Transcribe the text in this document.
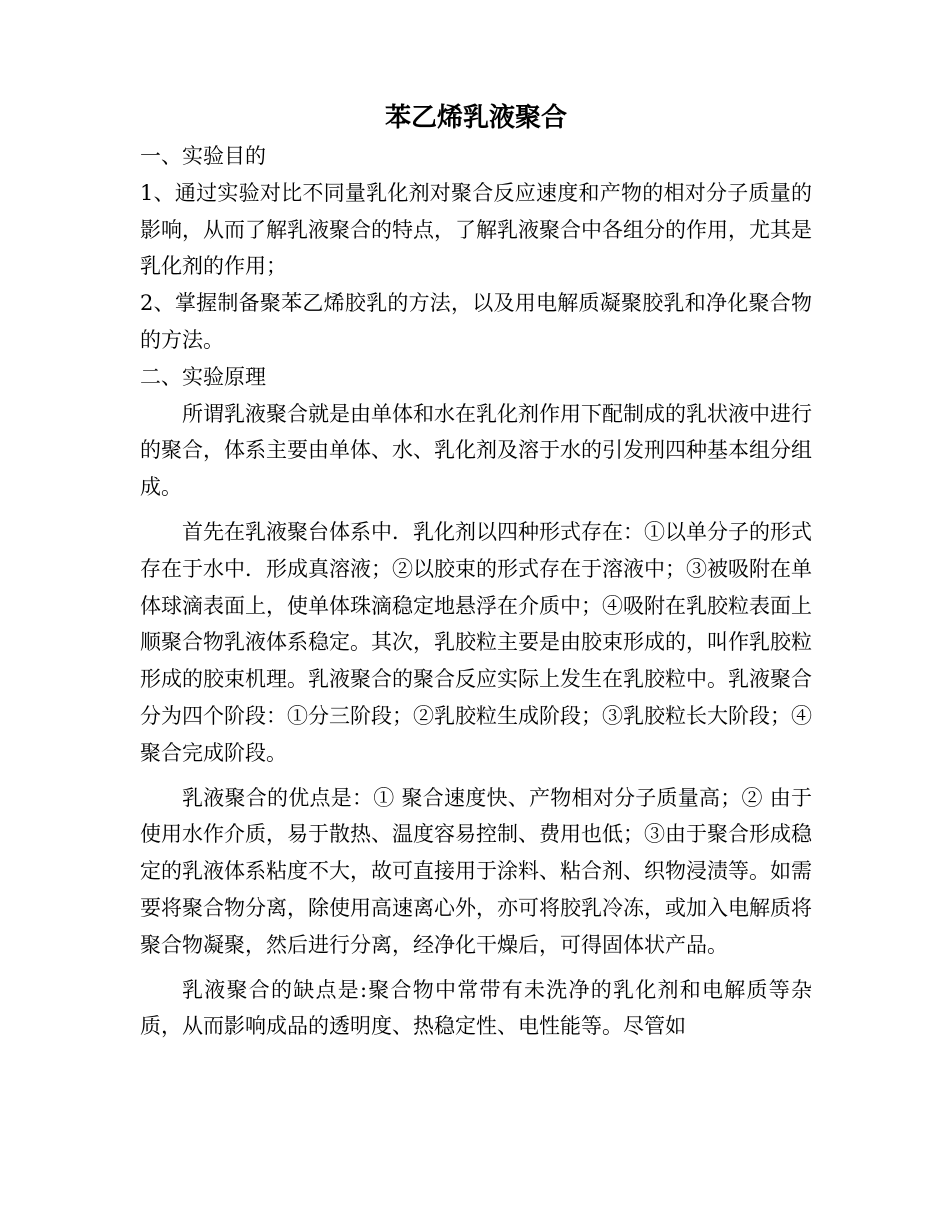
苯乙烯乳液聚合

一、实验目的

1、通过实验对比不同量乳化剂对聚合反应速度和产物的相对分子质量的影响，从而了解乳液聚合的特点，了解乳液聚合中各组分的作用，尤其是乳化剂的作用；

2、掌握制备聚苯乙烯胶乳的方法，以及用电解质凝聚胶乳和净化聚合物的方法。

二、实验原理

所谓乳液聚合就是由单体和水在乳化剂作用下配制成的乳状液中进行的聚合，体系主要由单体、水、乳化剂及溶于水的引发刑四种基本组分组成。

首先在乳液聚台体系中．乳化剂以四种形式存在：①以单分子的形式存在于水中．形成真溶液；②以胶束的形式存在于溶液中；③被吸附在单体球滴表面上，使单体珠滴稳定地悬浮在介质中；④吸附在乳胶粒表面上顺聚合物乳液体系稳定。其次，乳胶粒主要是由胶束形成的，叫作乳胶粒形成的胶束机理。乳液聚合的聚合反应实际上发生在乳胶粒中。乳液聚合分为四个阶段：①分三阶段；②乳胶粒生成阶段；③乳胶粒长大阶段；④聚合完成阶段。

乳液聚合的优点是：① 聚合速度快、产物相对分子质量高；② 由于使用水作介质，易于散热、温度容易控制、费用也低；③由于聚合形成稳定的乳液体系粘度不大，故可直接用于涂料、粘合剂、织物浸渍等。如需要将聚合物分离，除使用高速离心外，亦可将胶乳冷冻，或加入电解质将聚合物凝聚，然后进行分离，经净化干燥后，可得固体状产品。

乳液聚合的缺点是:聚合物中常带有未洗净的乳化剂和电解质等杂质，从而影响成品的透明度、热稳定性、电性能等。尽管如
